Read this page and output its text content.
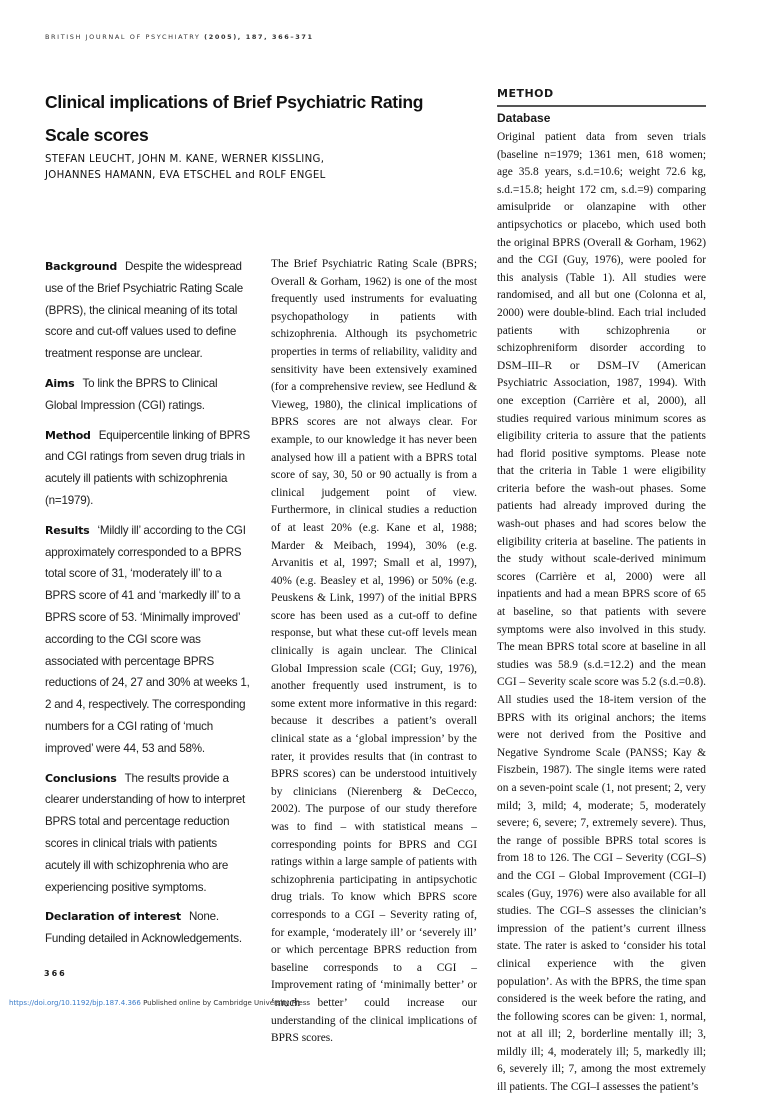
BRITISH JOURNAL OF PSYCHIATRY (2005), 187, 366–371
Clinical implications of Brief Psychiatric Rating Scale scores
STEFAN LEUCHT, JOHN M. KANE, WERNER KISSLING,
JOHANNES HAMANN, EVA ETSCHEL and ROLF ENGEL

Background Despite the widespread use of the Brief Psychiatric Rating Scale (BPRS), the clinical meaning of its total score and cut-off values used to define treatment response are unclear.

Aims To link the BPRS to Clinical Global Impression (CGI) ratings.

Method Equipercentile linking of BPRS and CGI ratings from seven drug trials in acutely ill patients with schizophrenia (n=1979).

Results ‘Mildly ill’ according to the CGI approximately corresponded to a BPRS total score of 31, ‘moderately ill’ to a BPRS score of 41 and ‘markedly ill’ to a BPRS score of 53. ‘Minimally improved’ according to the CGI score was associated with percentage BPRS reductions of 24, 27 and 30% at weeks 1, 2 and 4, respectively. The corresponding numbers for a CGI rating of ‘much improved’ were 44, 53 and 58%.

Conclusions The results provide a clearer understanding of how to interpret BPRS total and percentage reduction scores in clinical trials with patients acutely ill with schizophrenia who are experiencing positive symptoms.

Declaration of interest None. Funding detailed in Acknowledgements.

The Brief Psychiatric Rating Scale (BPRS; Overall & Gorham, 1962) is one of the most frequently used instruments for evaluating psychopathology in patients with schizophrenia. Although its psychometric properties in terms of reliability, validity and sensitivity have been extensively examined (for a comprehensive review, see Hedlund & Vieweg, 1980), the clinical implications of BPRS scores are not always clear. For example, to our knowledge it has never been analysed how ill a patient with a BPRS total score of say, 30, 50 or 90 actually is from a clinical judgement point of view. Furthermore, in clinical studies a reduction of at least 20% (e.g. Kane et al, 1988; Marder & Meibach, 1994), 30% (e.g. Arvanitis et al, 1997; Small et al, 1997), 40% (e.g. Beasley et al, 1996) or 50% (e.g. Peuskens & Link, 1997) of the initial BPRS score has been used as a cut-off to define response, but what these cut-off levels mean clinically is again unclear. The Clinical Global Impression scale (CGI; Guy, 1976), another frequently used instrument, is to some extent more informative in this regard: because it describes a patient’s overall clinical state as a ‘global impression’ by the rater, it provides results that (in contrast to BPRS scores) can be understood intuitively by clinicians (Nierenberg & DeCecco, 2002). The purpose of our study therefore was to find – with statistical means – corresponding points for BPRS and CGI ratings within a large sample of patients with schizophrenia participating in antipsychotic drug trials. To know which BPRS score corresponds to a CGI – Severity rating of, for example, ‘moderately ill’ or ‘severely ill’ or which percentage BPRS reduction from baseline corresponds to a CGI – Improvement rating of ‘minimally better’ or ‘much better’ could increase our understanding of the clinical implications of BPRS scores.

METHOD
Database

Original patient data from seven trials (baseline n=1979; 1361 men, 618 women; age 35.8 years, s.d.=10.6; weight 72.6 kg, s.d.=15.8; height 172 cm, s.d.=9) comparing amisulpride or olanzapine with other antipsychotics or placebo, which used both the original BPRS (Overall & Gorham, 1962) and the CGI (Guy, 1976), were pooled for this analysis (Table 1). All studies were randomised, and all but one (Colonna et al, 2000) were double-blind. Each trial included patients with schizophrenia or schizophreniform disorder according to DSM–III–R or DSM–IV (American Psychiatric Association, 1987, 1994). With one exception (Carrière et al, 2000), all studies required various minimum scores as eligibility criteria to assure that the patients had florid positive symptoms. Please note that the criteria in Table 1 were eligibility criteria before the wash-out phases. Some patients had already improved during the wash-out phases and had scores below the eligibility criteria at baseline. The patients in the study without scale-derived minimum scores (Carrière et al, 2000) were all inpatients and had a mean BPRS score of 65 at baseline, so that patients with severe symptoms were also involved in this study. The mean BPRS total score at baseline in all studies was 58.9 (s.d.=12.2) and the mean CGI – Severity scale score was 5.2 (s.d.=0.8). All studies used the 18-item version of the BPRS with its original anchors; the items were not derived from the Positive and Negative Syndrome Scale (PANSS; Kay & Fiszbein, 1987). The single items were rated on a seven-point scale (1, not present; 2, very mild; 3, mild; 4, moderate; 5, moderately severe; 6, severe; 7, extremely severe). Thus, the range of possible BPRS total scores is from 18 to 126. The CGI – Severity (CGI–S) and the CGI – Global Improvement (CGI–I) scales (Guy, 1976) were also available for all studies. The CGI–S assesses the clinician’s impression of the patient’s current illness state. The rater is asked to ‘consider his total clinical experience with the given population’. As with the BPRS, the time span considered is the week before the rating, and the following scores can be given: 1, normal, not at all ill; 2, borderline mentally ill; 3, mildly ill; 4, moderately ill; 5, markedly ill; 6, severely ill; 7, among the most extremely ill patients. The CGI–I assesses the patient’s

366
https://doi.org/10.1192/bjp.187.4.366 Published online by Cambridge University Press
